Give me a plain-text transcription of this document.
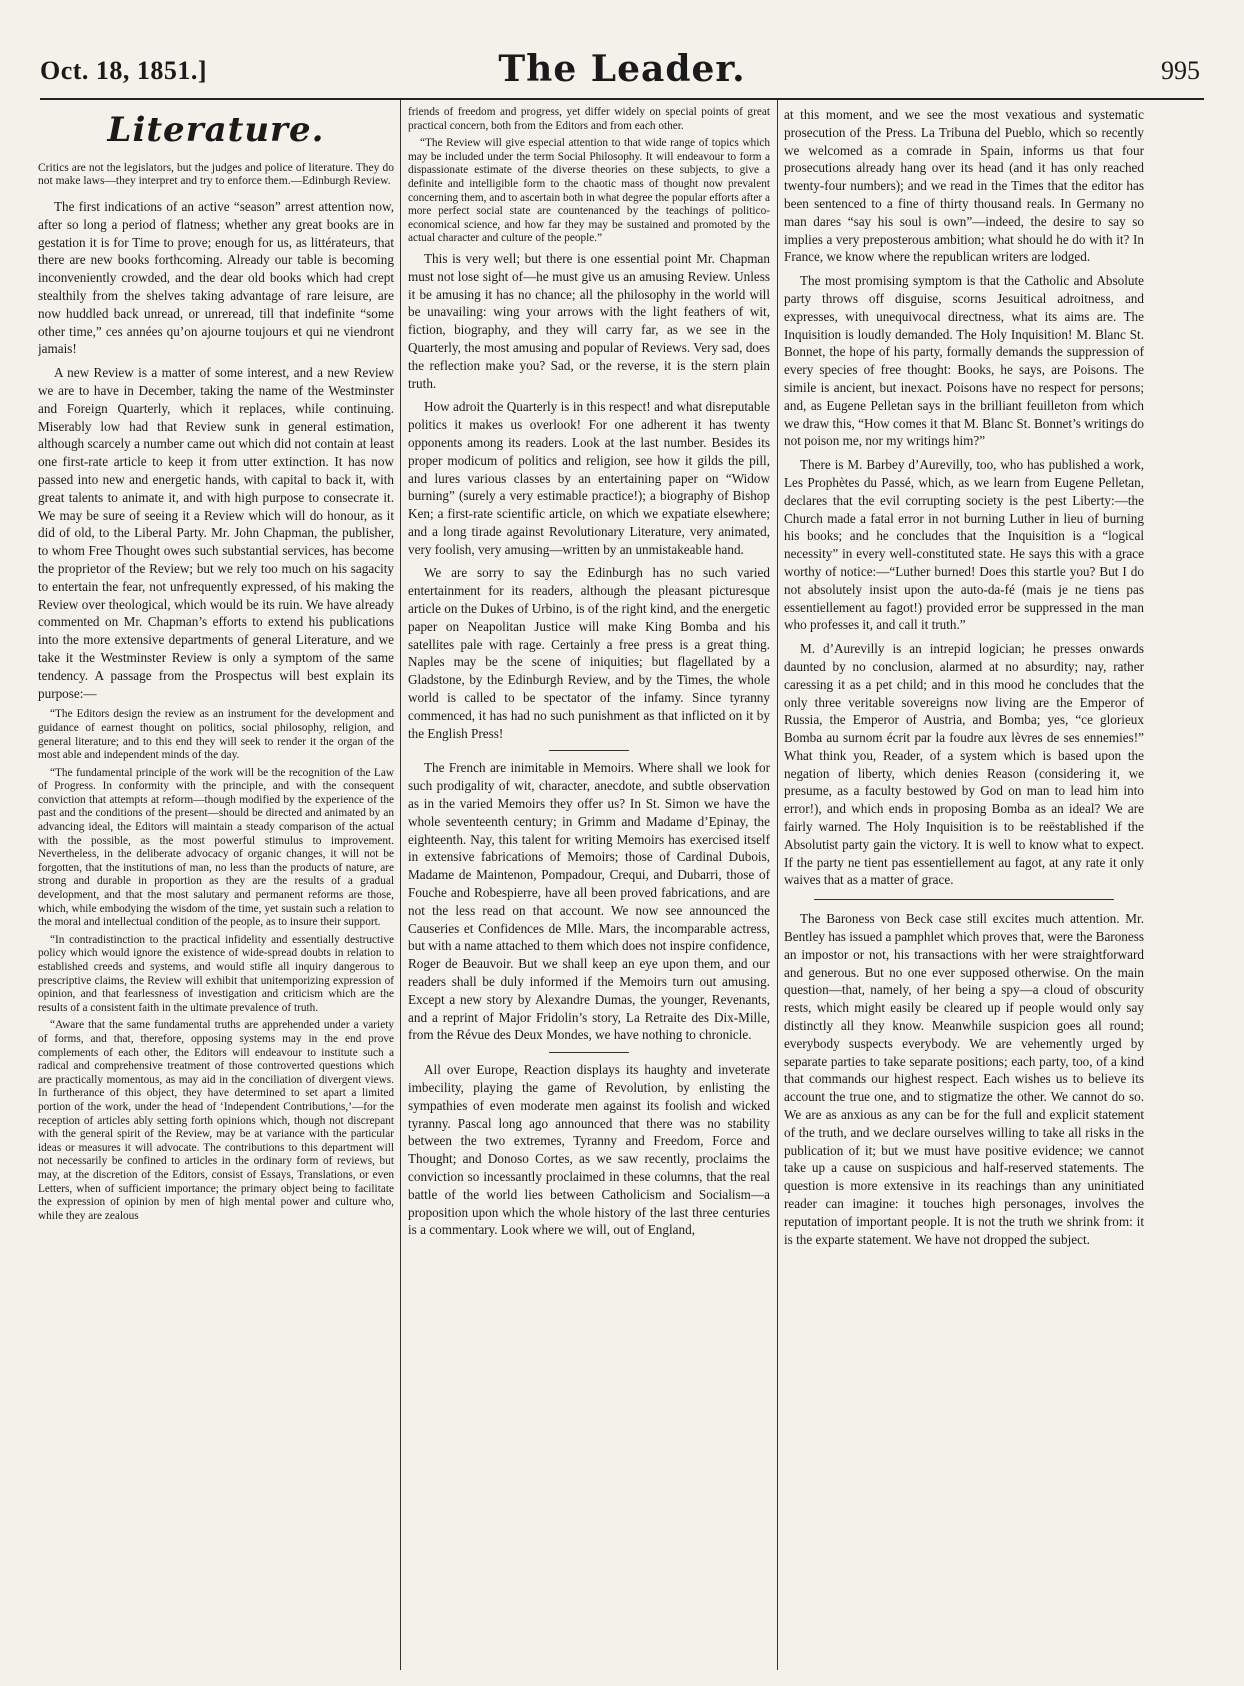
Oct. 18, 1851.]	The Leader.	995
Literature.

Critics are not the legislators, but the judges and police of literature. They do not make laws—they interpret and try to enforce them.—Edinburgh Review.

The first indications of an active “season” arrest attention now, after so long a period of flatness; whether any great books are in gestation it is for Time to prove; enough for us, as littérateurs, that there are new books forthcoming. Already our table is becoming inconveniently crowded, and the dear old books which had crept stealthily from the shelves taking advantage of rare leisure, are now huddled back unread, or unreread, till that indefinite “some other time,” ces années qu’on ajourne toujours et qui ne viendront jamais!

A new Review is a matter of some interest, and a new Review we are to have in December, taking the name of the Westminster and Foreign Quarterly, which it replaces, while continuing. Miserably low had that Review sunk in general estimation, although scarcely a number came out which did not contain at least one first-rate article to keep it from utter extinction. It has now passed into new and energetic hands, with capital to back it, with great talents to animate it, and with high purpose to consecrate it. We may be sure of seeing it a Review which will do honour, as it did of old, to the Liberal Party. Mr. John Chapman, the publisher, to whom Free Thought owes such substantial services, has become the proprietor of the Review; but we rely too much on his sagacity to entertain the fear, not unfrequently expressed, of his making the Review over theological, which would be its ruin. We have already commented on Mr. Chapman’s efforts to extend his publications into the more extensive departments of general Literature, and we take it the Westminster Review is only a symptom of the same tendency. A passage from the Prospectus will best explain its purpose:—

“The Editors design the review as an instrument for the development and guidance of earnest thought on politics, social philosophy, religion, and general literature; and to this end they will seek to render it the organ of the most able and independent minds of the day.

“The fundamental principle of the work will be the recognition of the Law of Progress. In conformity with the principle, and with the consequent conviction that attempts at reform—though modified by the experience of the past and the conditions of the present—should be directed and animated by an advancing ideal, the Editors will maintain a steady comparison of the actual with the possible, as the most powerful stimulus to improvement. Nevertheless, in the deliberate advocacy of organic changes, it will not be forgotten, that the institutions of man, no less than the products of nature, are strong and durable in proportion as they are the results of a gradual development, and that the most salutary and permanent reforms are those, which, while embodying the wisdom of the time, yet sustain such a relation to the moral and intellectual condition of the people, as to insure their support.

“In contradistinction to the practical infidelity and essentially destructive policy which would ignore the existence of wide-spread doubts in relation to established creeds and systems, and would stifle all inquiry dangerous to prescriptive claims, the Review will exhibit that unitemporizing expression of opinion, and that fearlessness of investigation and criticism which are the results of a consistent faith in the ultimate prevalence of truth.

“Aware that the same fundamental truths are apprehended under a variety of forms, and that, therefore, opposing systems may in the end prove complements of each other, the Editors will endeavour to institute such a radical and comprehensive treatment of those controverted questions which are practically momentous, as may aid in the conciliation of divergent views. In furtherance of this object, they have determined to set apart a limited portion of the work, under the head of ‘Independent Contributions,’—for the reception of articles ably setting forth opinions which, though not discrepant with the general spirit of the Review, may be at variance with the particular ideas or measures it will advocate. The contributions to this department will not necessarily be confined to articles in the ordinary form of reviews, but may, at the discretion of the Editors, consist of Essays, Translations, or even Letters, when of sufficient importance; the primary object being to facilitate the expression of opinion by men of high mental power and culture who, while they are zealous

friends of freedom and progress, yet differ widely on special points of great practical concern, both from the Editors and from each other.

“The Review will give especial attention to that wide range of topics which may be included under the term Social Philosophy. It will endeavour to form a dispassionate estimate of the diverse theories on these subjects, to give a definite and intelligible form to the chaotic mass of thought now prevalent concerning them, and to ascertain both in what degree the popular efforts after a more perfect social state are countenanced by the teachings of politico-economical science, and how far they may be sustained and promoted by the actual character and culture of the people.”

This is very well; but there is one essential point Mr. Chapman must not lose sight of—he must give us an amusing Review. Unless it be amusing it has no chance; all the philosophy in the world will be unavailing: wing your arrows with the light feathers of wit, fiction, biography, and they will carry far, as we see in the Quarterly, the most amusing and popular of Reviews. Very sad, does the reflection make you? Sad, or the reverse, it is the stern plain truth.

How adroit the Quarterly is in this respect! and what disreputable politics it makes us overlook! For one adherent it has twenty opponents among its readers. Look at the last number. Besides its proper modicum of politics and religion, see how it gilds the pill, and lures various classes by an entertaining paper on “Widow burning” (surely a very estimable practice!); a biography of Bishop Ken; a first-rate scientific article, on which we expatiate elsewhere; and a long tirade against Revolutionary Literature, very animated, very foolish, very amusing—written by an unmistakeable hand.

We are sorry to say the Edinburgh has no such varied entertainment for its readers, although the pleasant picturesque article on the Dukes of Urbino, is of the right kind, and the energetic paper on Neapolitan Justice will make King Bomba and his satellites pale with rage. Certainly a free press is a great thing. Naples may be the scene of iniquities; but flagellated by a Gladstone, by the Edinburgh Review, and by the Times, the whole world is called to be spectator of the infamy. Since tyranny commenced, it has had no such punishment as that inflicted on it by the English Press!

The French are inimitable in Memoirs. Where shall we look for such prodigality of wit, character, anecdote, and subtle observation as in the varied Memoirs they offer us? In St. Simon we have the whole seventeenth century; in Grimm and Madame d’Epinay, the eighteenth. Nay, this talent for writing Memoirs has exercised itself in extensive fabrications of Memoirs; those of Cardinal Dubois, Madame de Maintenon, Pompadour, Crequi, and Dubarri, those of Fouche and Robespierre, have all been proved fabrications, and are not the less read on that account. We now see announced the Causeries et Confidences de Mlle. Mars, the incomparable actress, but with a name attached to them which does not inspire confidence, Roger de Beauvoir. But we shall keep an eye upon them, and our readers shall be duly informed if the Memoirs turn out amusing. Except a new story by Alexandre Dumas, the younger, Revenants, and a reprint of Major Fridolin’s story, La Retraite des Dix-Mille, from the Révue des Deux Mondes, we have nothing to chronicle.

All over Europe, Reaction displays its haughty and inveterate imbecility, playing the game of Revolution, by enlisting the sympathies of even moderate men against its foolish and wicked tyranny. Pascal long ago announced that there was no stability between the two extremes, Tyranny and Freedom, Force and Thought; and Donoso Cortes, as we saw recently, proclaims the conviction so incessantly proclaimed in these columns, that the real battle of the world lies between Catholicism and Socialism—a proposition upon which the whole history of the last three centuries is a commentary. Look where we will, out of England,

at this moment, and we see the most vexatious and systematic prosecution of the Press. La Tribuna del Pueblo, which so recently we welcomed as a comrade in Spain, informs us that four prosecutions already hang over its head (and it has only reached twenty-four numbers); and we read in the Times that the editor has been sentenced to a fine of thirty thousand reals. In Germany no man dares “say his soul is own”—indeed, the desire to say so implies a very preposterous ambition; what should he do with it? In France, we know where the republican writers are lodged.

The most promising symptom is that the Catholic and Absolute party throws off disguise, scorns Jesuitical adroitness, and expresses, with unequivocal directness, what its aims are. The Inquisition is loudly demanded. The Holy Inquisition! M. Blanc St. Bonnet, the hope of his party, formally demands the suppression of every species of free thought: Books, he says, are Poisons. The simile is ancient, but inexact. Poisons have no respect for persons; and, as Eugene Pelletan says in the brilliant feuilleton from which we draw this, “How comes it that M. Blanc St. Bonnet’s writings do not poison me, nor my writings him?”

There is M. Barbey d’Aurevilly, too, who has published a work, Les Prophètes du Passé, which, as we learn from Eugene Pelletan, declares that the evil corrupting society is the pest Liberty:—the Church made a fatal error in not burning Luther in lieu of burning his books; and he concludes that the Inquisition is a “logical necessity” in every well-constituted state. He says this with a grace worthy of notice:—“Luther burned! Does this startle you? But I do not absolutely insist upon the auto-da-fé (mais je ne tiens pas essentiellement au fagot!) provided error be suppressed in the man who professes it, and call it truth.”

M. d’Aurevilly is an intrepid logician; he presses onwards daunted by no conclusion, alarmed at no absurdity; nay, rather caressing it as a pet child; and in this mood he concludes that the only three veritable sovereigns now living are the Emperor of Russia, the Emperor of Austria, and Bomba; yes, “ce glorieux Bomba au surnom écrit par la foudre aux lèvres de ses ennemies!” What think you, Reader, of a system which is based upon the negation of liberty, which denies Reason (considering it, we presume, as a faculty bestowed by God on man to lead him into error!), and which ends in proposing Bomba as an ideal? We are fairly warned. The Holy Inquisition is to be reëstablished if the Absolutist party gain the victory. It is well to know what to expect. If the party ne tient pas essentiellement au fagot, at any rate it only waives that as a matter of grace.

The Baroness von Beck case still excites much attention. Mr. Bentley has issued a pamphlet which proves that, were the Baroness an impostor or not, his transactions with her were straightforward and generous. But no one ever supposed otherwise. On the main question—that, namely, of her being a spy—a cloud of obscurity rests, which might easily be cleared up if people would only say distinctly all they know. Meanwhile suspicion goes all round; everybody suspects everybody. We are vehemently urged by separate parties to take separate positions; each party, too, of a kind that commands our highest respect. Each wishes us to believe its account the true one, and to stigmatize the other. We cannot do so. We are as anxious as any can be for the full and explicit statement of the truth, and we declare ourselves willing to take all risks in the publication of it; but we must have positive evidence; we cannot take up a cause on suspicious and half-reserved statements. The question is more extensive in its reachings than any uninitiated reader can imagine: it touches high personages, involves the reputation of important people. It is not the truth we shrink from: it is the exparte statement. We have not dropped the subject.
